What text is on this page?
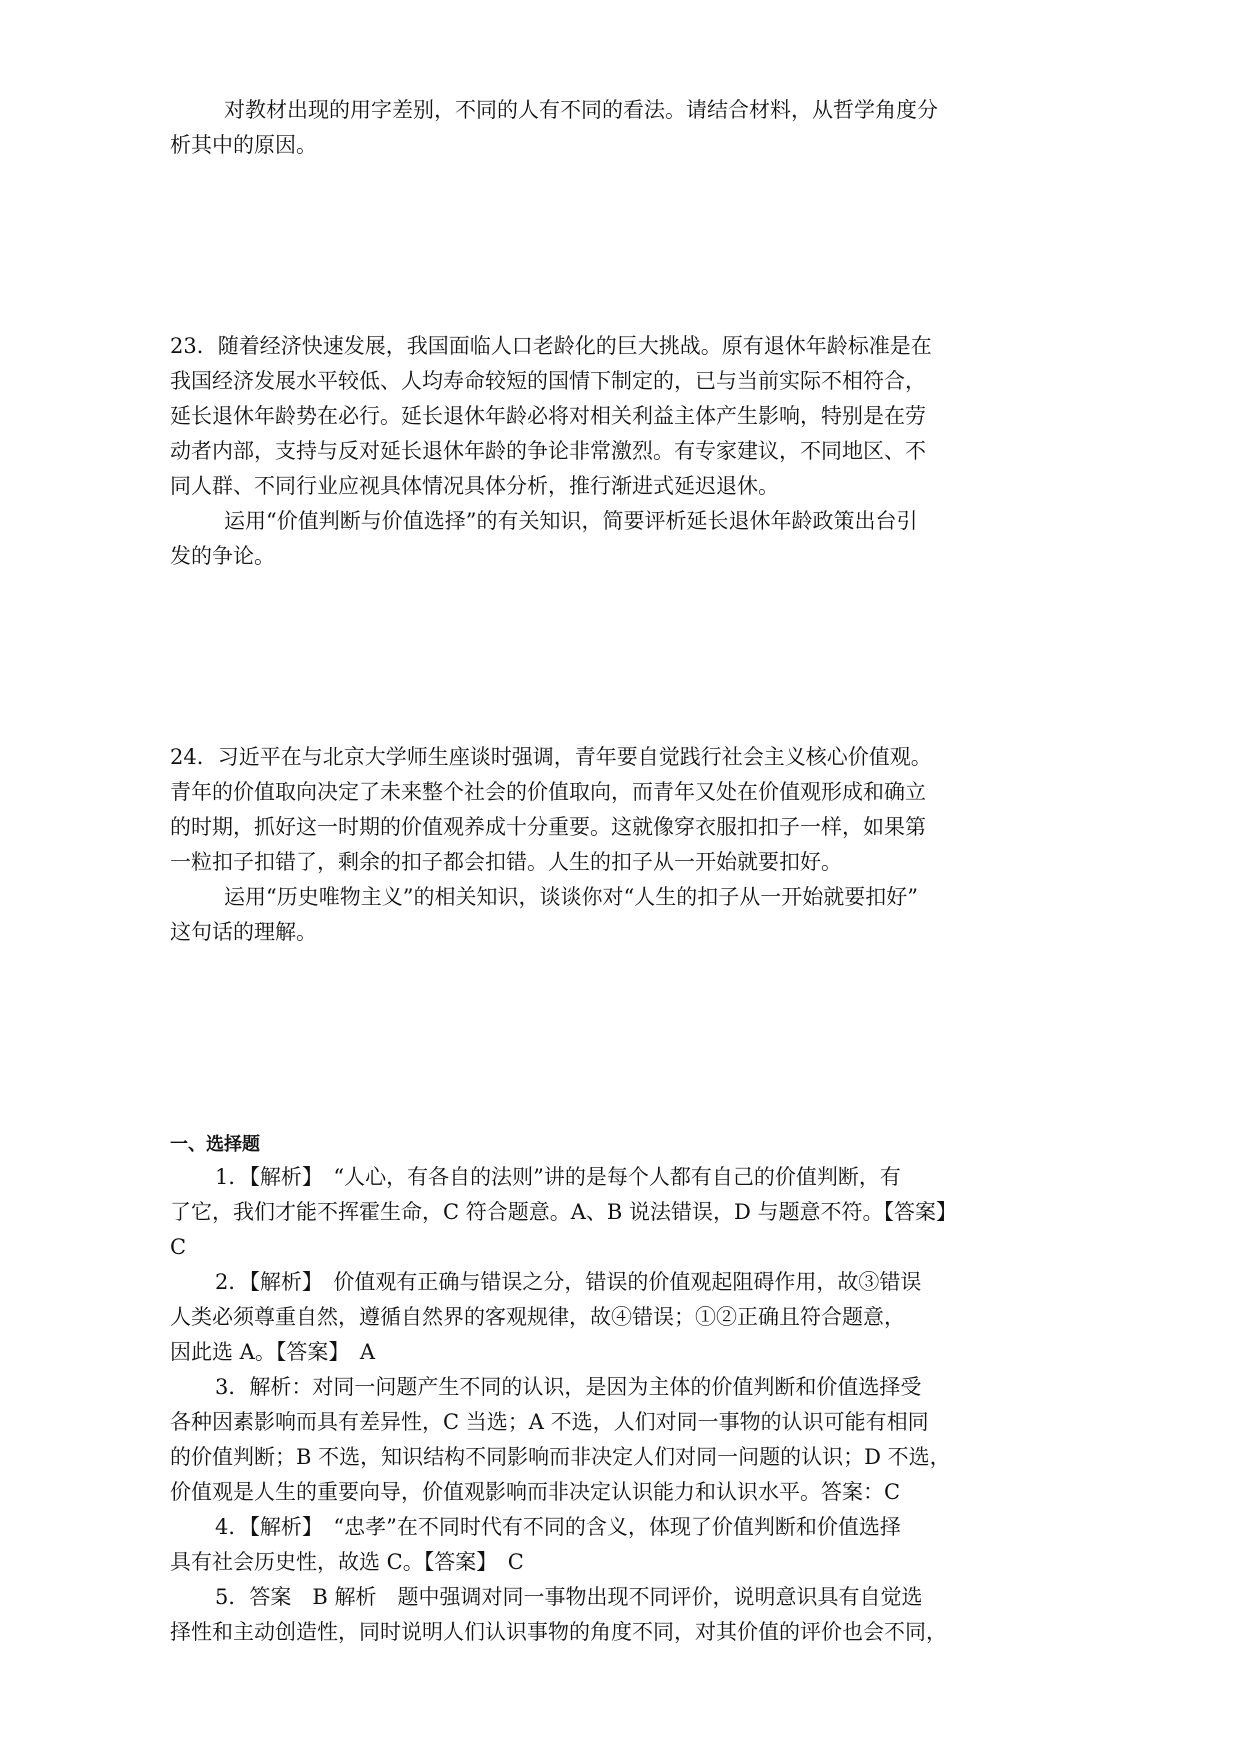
对教材出现的用字差别，不同的人有不同的看法。请结合材料，从哲学角度分
析其中的原因。
23．随着经济快速发展，我国面临人口老龄化的巨大挑战。原有退休年龄标准是在
我国经济发展水平较低、人均寿命较短的国情下制定的，已与当前实际不相符合，
延长退休年龄势在必行。延长退休年龄必将对相关利益主体产生影响，特别是在劳
动者内部，支持与反对延长退休年龄的争论非常激烈。有专家建议，不同地区、不
同人群、不同行业应视具体情况具体分析，推行渐进式延迟退休。
运用“价值判断与价值选择”的有关知识，简要评析延长退休年龄政策出台引
发的争论。
24．习近平在与北京大学师生座谈时强调，青年要自觉践行社会主义核心价值观。
青年的价值取向决定了未来整个社会的价值取向，而青年又处在价值观形成和确立
的时期，抓好这一时期的价值观养成十分重要。这就像穿衣服扣扣子一样，如果第
一粒扣子扣错了，剩余的扣子都会扣错。人生的扣子从一开始就要扣好。
运用“历史唯物主义”的相关知识，谈谈你对“人生的扣子从一开始就要扣好”
这句话的理解。
一、选择题
1．【解析】　“人心，有各自的法则”讲的是每个人都有自己的价值判断，有
了它，我们才能不挥霍生命，C 符合题意。A、B 说法错误，D 与题意不符。【答案】
C
2．【解析】　价值观有正确与错误之分，错误的价值观起阻碍作用，故③错误
人类必须尊重自然，遵循自然界的客观规律，故④错误；①②正确且符合题意，
因此选 A。【答案】　A
3．解析：对同一问题产生不同的认识，是因为主体的价值判断和价值选择受
各种因素影响而具有差异性，C 当选；A 不选，人们对同一事物的认识可能有相同
的价值判断；B 不选，知识结构不同影响而非决定人们对同一问题的认识；D 不选，
价值观是人生的重要向导，价值观影响而非决定认识能力和认识水平。答案：C
4．【解析】　“忠孝”在不同时代有不同的含义，体现了价值判断和价值选择
具有社会历史性，故选 C。【答案】　C
5．答案　B 解析　题中强调对同一事物出现不同评价，说明意识具有自觉选
择性和主动创造性，同时说明人们认识事物的角度不同，对其价值的评价也会不同，
